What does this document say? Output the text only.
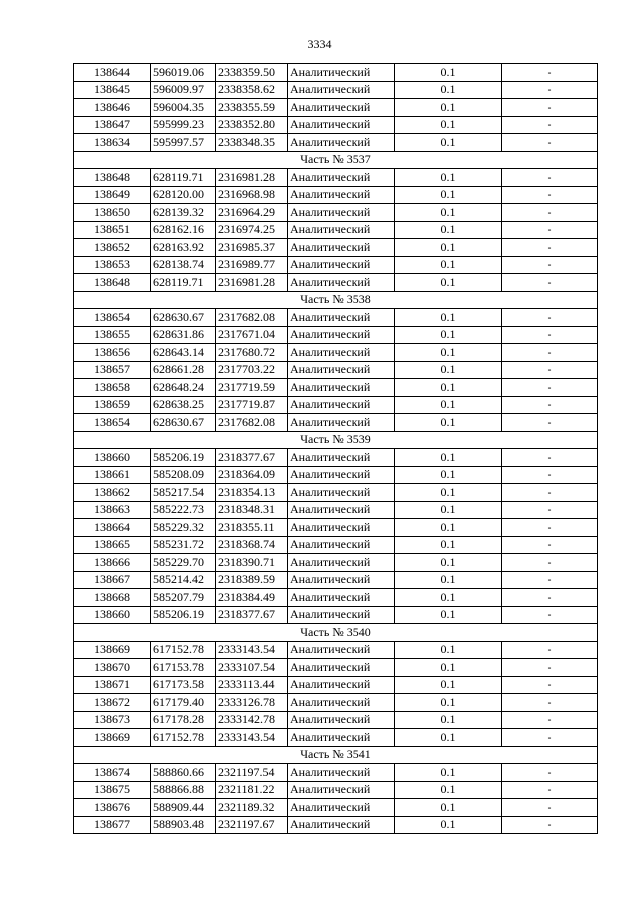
3334
138644	596019.06	2338359.50	Аналитический	0.1	-
138645	596009.97	2338358.62	Аналитический	0.1	-
138646	596004.35	2338355.59	Аналитический	0.1	-
138647	595999.23	2338352.80	Аналитический	0.1	-
138634	595997.57	2338348.35	Аналитический	0.1	-
Часть № 3537					
138648	628119.71	2316981.28	Аналитический	0.1	-
138649	628120.00	2316968.98	Аналитический	0.1	-
138650	628139.32	2316964.29	Аналитический	0.1	-
138651	628162.16	2316974.25	Аналитический	0.1	-
138652	628163.92	2316985.37	Аналитический	0.1	-
138653	628138.74	2316989.77	Аналитический	0.1	-
138648	628119.71	2316981.28	Аналитический	0.1	-
Часть № 3538					
138654	628630.67	2317682.08	Аналитический	0.1	-
138655	628631.86	2317671.04	Аналитический	0.1	-
138656	628643.14	2317680.72	Аналитический	0.1	-
138657	628661.28	2317703.22	Аналитический	0.1	-
138658	628648.24	2317719.59	Аналитический	0.1	-
138659	628638.25	2317719.87	Аналитический	0.1	-
138654	628630.67	2317682.08	Аналитический	0.1	-
Часть № 3539					
138660	585206.19	2318377.67	Аналитический	0.1	-
138661	585208.09	2318364.09	Аналитический	0.1	-
138662	585217.54	2318354.13	Аналитический	0.1	-
138663	585222.73	2318348.31	Аналитический	0.1	-
138664	585229.32	2318355.11	Аналитический	0.1	-
138665	585231.72	2318368.74	Аналитический	0.1	-
138666	585229.70	2318390.71	Аналитический	0.1	-
138667	585214.42	2318389.59	Аналитический	0.1	-
138668	585207.79	2318384.49	Аналитический	0.1	-
138660	585206.19	2318377.67	Аналитический	0.1	-
Часть № 3540					
138669	617152.78	2333143.54	Аналитический	0.1	-
138670	617153.78	2333107.54	Аналитический	0.1	-
138671	617173.58	2333113.44	Аналитический	0.1	-
138672	617179.40	2333126.78	Аналитический	0.1	-
138673	617178.28	2333142.78	Аналитический	0.1	-
138669	617152.78	2333143.54	Аналитический	0.1	-
Часть № 3541					
138674	588860.66	2321197.54	Аналитический	0.1	-
138675	588866.88	2321181.22	Аналитический	0.1	-
138676	588909.44	2321189.32	Аналитический	0.1	-
138677	588903.48	2321197.67	Аналитический	0.1	-
